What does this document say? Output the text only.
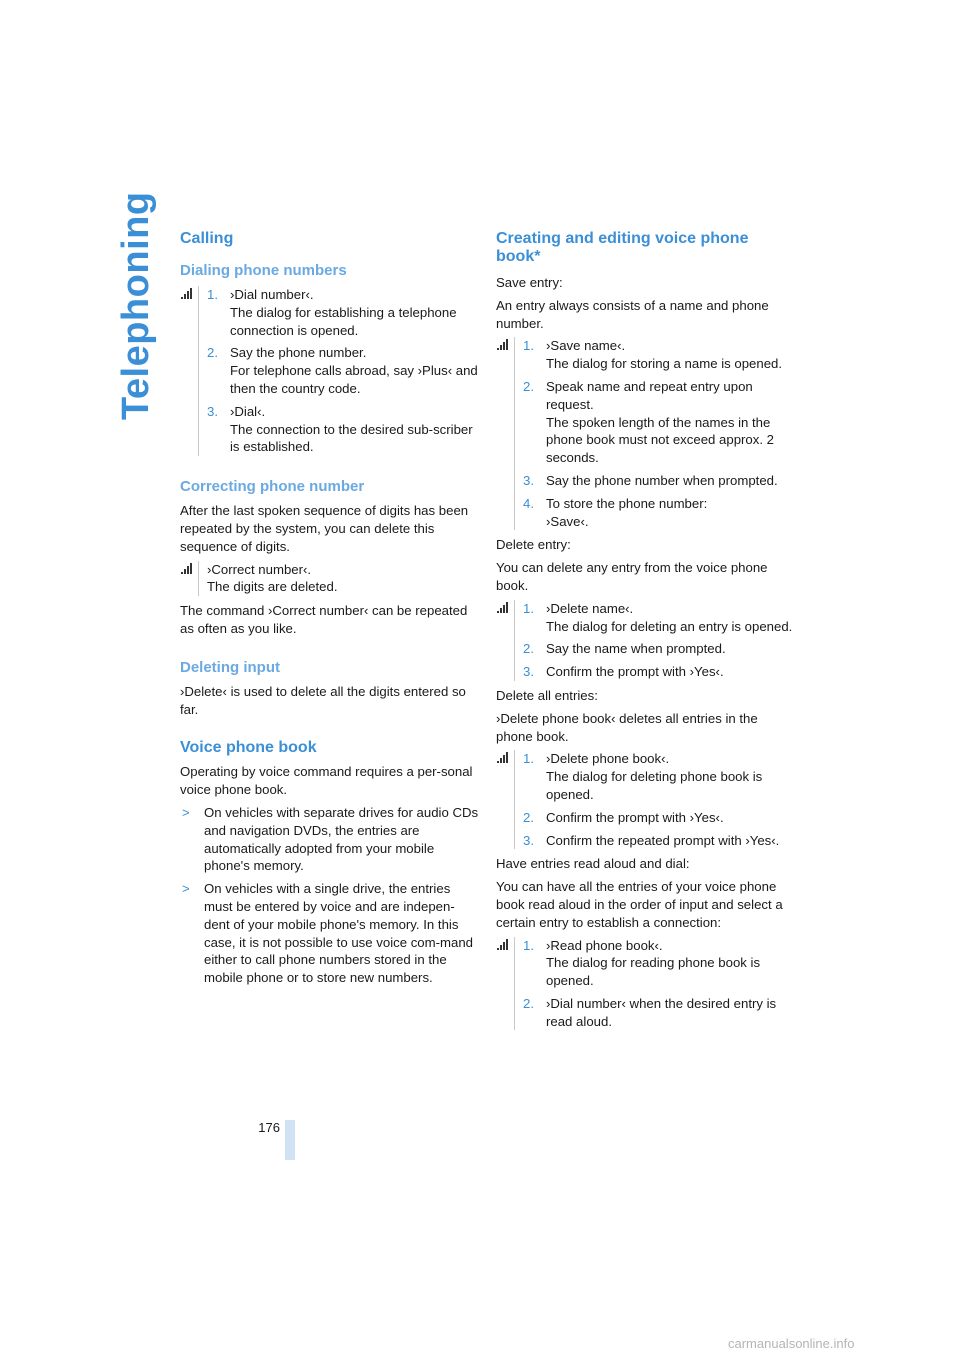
Telephoning Calling
Dialing phone numbers
1. ›Dial number‹.
The dialog for establishing a telephone connection is opened.
2. Say the phone number.
For telephone calls abroad, say ›Plus‹ and then the country code.
3. ›Dial‹.
The connection to the desired sub-scriber is established.
Correcting phone number

After the last spoken sequence of digits has been repeated by the system, you can delete this sequence of digits.

›Correct number‹.
The digits are deleted.

The command ›Correct number‹ can be repeated as often as you like.

Deleting input

›Delete‹ is used to delete all the digits entered so far.

Voice phone book

Operating by voice command requires a per-sonal voice phone book.

> On vehicles with separate drives for audio CDs and navigation DVDs, the entries are automatically adopted from your mobile phone's memory.
> On vehicles with a single drive, the entries must be entered by voice and are indepen-dent of your mobile phone's memory. In this case, it is not possible to use voice com-mand either to call phone numbers stored in the mobile phone or to store new numbers.
Creating and editing voice phone book*

Save entry:

An entry always consists of a name and phone number.

1. ›Save name‹.
The dialog for storing a name is opened.
2. Speak name and repeat entry upon request.
The spoken length of the names in the phone book must not exceed approx. 2 seconds.
3. Say the phone number when prompted.
4. To store the phone number:
›Save‹.

Delete entry:

You can delete any entry from the voice phone book.

1. ›Delete name‹.
The dialog for deleting an entry is opened.
2. Say the name when prompted.
3. Confirm the prompt with ›Yes‹.

Delete all entries:

›Delete phone book‹ deletes all entries in the phone book.

1. ›Delete phone book‹.
The dialog for deleting phone book is opened.
2. Confirm the prompt with ›Yes‹.
3. Confirm the repeated prompt with ›Yes‹.

Have entries read aloud and dial:

You can have all the entries of your voice phone book read aloud in the order of input and select a certain entry to establish a connection:

1. ›Read phone book‹.
The dialog for reading phone book is opened.
2. ›Dial number‹ when the desired entry is read aloud.
176
carmanualsonline.info
